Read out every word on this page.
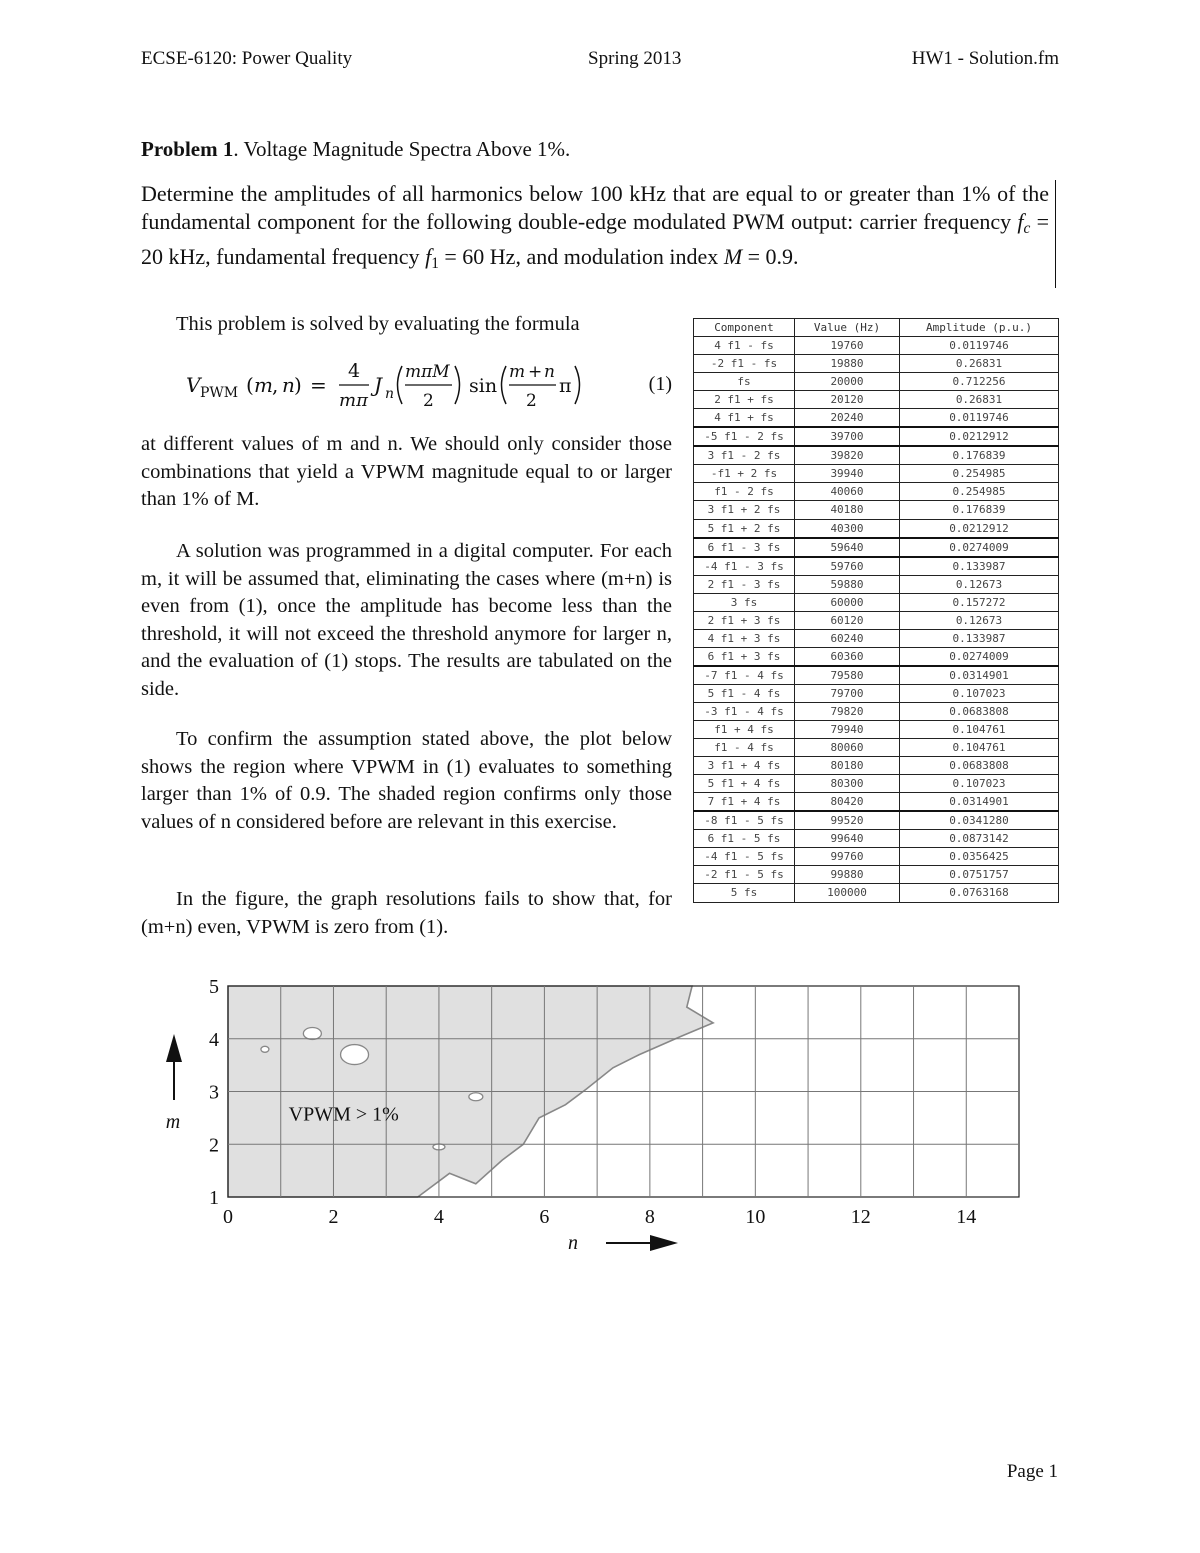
ECSE-6120: Power Quality	Spring 2013	HW1 - Solution.fm
Problem 1. Voltage Magnitude Spectra Above 1%.
Determine the amplitudes of all harmonics below 100 kHz that are equal to or greater than 1% of the fundamental component for the following double-edge modulated PWM output: carrier frequency $f_c = 20$ kHz, fundamental frequency $f_1 = 60$ Hz, and modulation index M = 0.9.
This problem is solved by evaluating the formula
V PWM ( m , n ) =
4
mπ
J n
mπM
2
sin
m + n
2
π	(1)
at different values of m and n. We should only consider those combinations that yield a VPWM magnitude equal to or larger than 1% of M.
A solution was programmed in a digital computer. For each m, it will be assumed that, eliminating the cases where (m+n) is even from (1), once the amplitude has become less than the threshold, it will not exceed the threshold anymore for larger n, and the evaluation of (1) stops. The results are tabulated on the side.
To confirm the assumption stated above, the plot below shows the region where VPWM in (1) evaluates to something larger than 1% of 0.9. The shaded region confirms only those values of n considered before are relevant in this exercise.
In the figure, the graph resolutions fails to show that, for (m+n) even, VPWM is zero from (1).
Component	Value (Hz)	Amplitude (p.u.)
4 f1 - fs	19760	0.0119746
-2 f1 - fs	19880	0.26831
fs	20000	0.712256
2 f1 + fs	20120	0.26831
4 f1 + fs	20240	0.0119746
-5 f1 - 2 fs	39700	0.0212912
3 f1 - 2 fs	39820	0.176839
-f1 + 2 fs	39940	0.254985
f1 - 2 fs	40060	0.254985
3 f1 + 2 fs	40180	0.176839
5 f1 + 2 fs	40300	0.0212912
6 f1 - 3 fs	59640	0.0274009
-4 f1 - 3 fs	59760	0.133987
2 f1 - 3 fs	59880	0.12673
3 fs	60000	0.157272
2 f1 + 3 fs	60120	0.12673
4 f1 + 3 fs	60240	0.133987
6 f1 + 3 fs	60360	0.0274009
-7 f1 - 4 fs	79580	0.0314901
5 f1 - 4 fs	79700	0.107023
-3 f1 - 4 fs	79820	0.0683808
f1 + 4 fs	79940	0.104761
f1 - 4 fs	80060	0.104761
3 f1 + 4 fs	80180	0.0683808
5 f1 + 4 fs	80300	0.107023
7 f1 + 4 fs	80420	0.0314901
-8 f1 - 5 fs	99520	0.0341280
6 f1 - 5 fs	99640	0.0873142
-4 f1 - 5 fs	99760	0.0356425
-2 f1 - 5 fs	99880	0.0751757
5 fs	100000	0.0763168
0	2	4	6	8	10	12	14
1
2
3
4
5
n
m	VPWM > 1%
Page 1
